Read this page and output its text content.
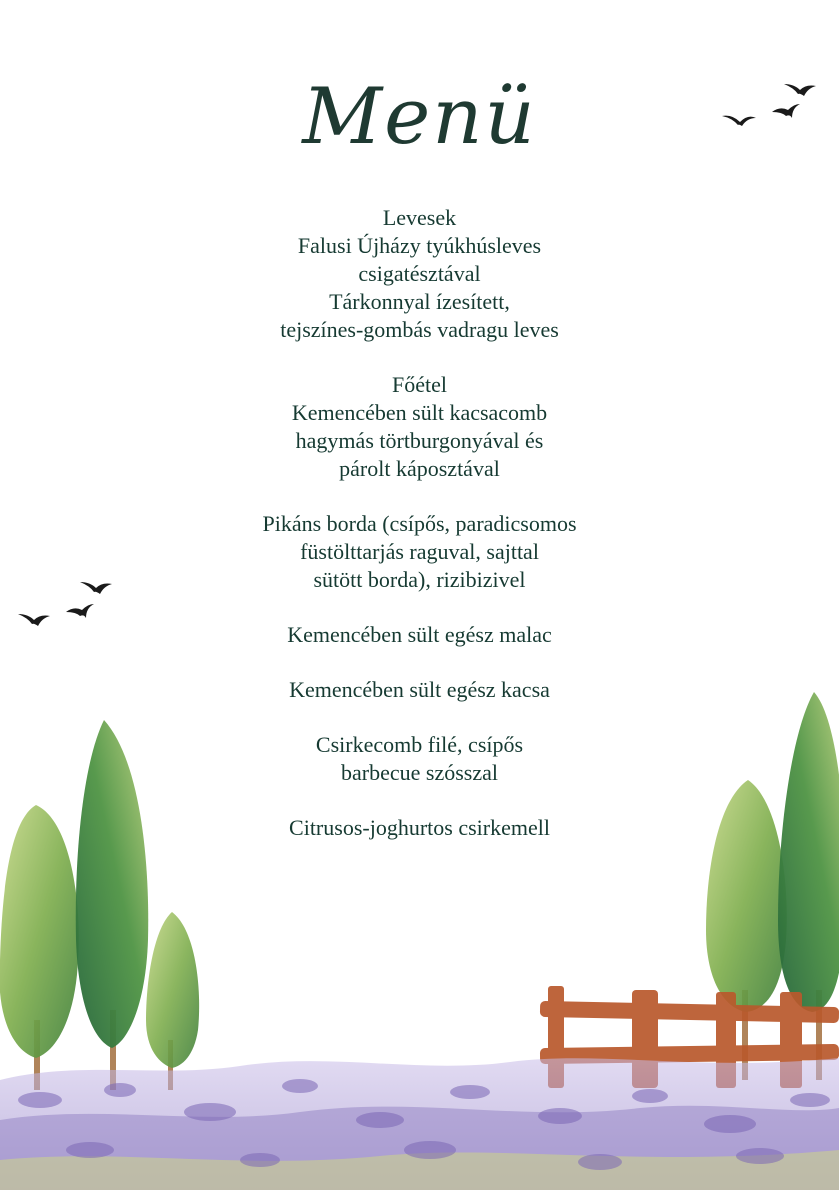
Menü
Levesek
Falusi Újházy tyúkhúsleves
csigatésztával
Tárkonnyal ízesített,
tejszínes-gombás vadragu leves
Főétel
Kemencében sült kacsacomb
hagymás törtburgonyával és
párolt káposztával
Pikáns borda (csípős, paradicsomos
füstölttarjás raguval, sajttal
sütött borda), rizibizivel
Kemencében sült egész malac
Kemencében sült egész kacsa
Csirkecomb filé, csípős
barbecue szósszal
Citrusos-joghurtos csirkemell
